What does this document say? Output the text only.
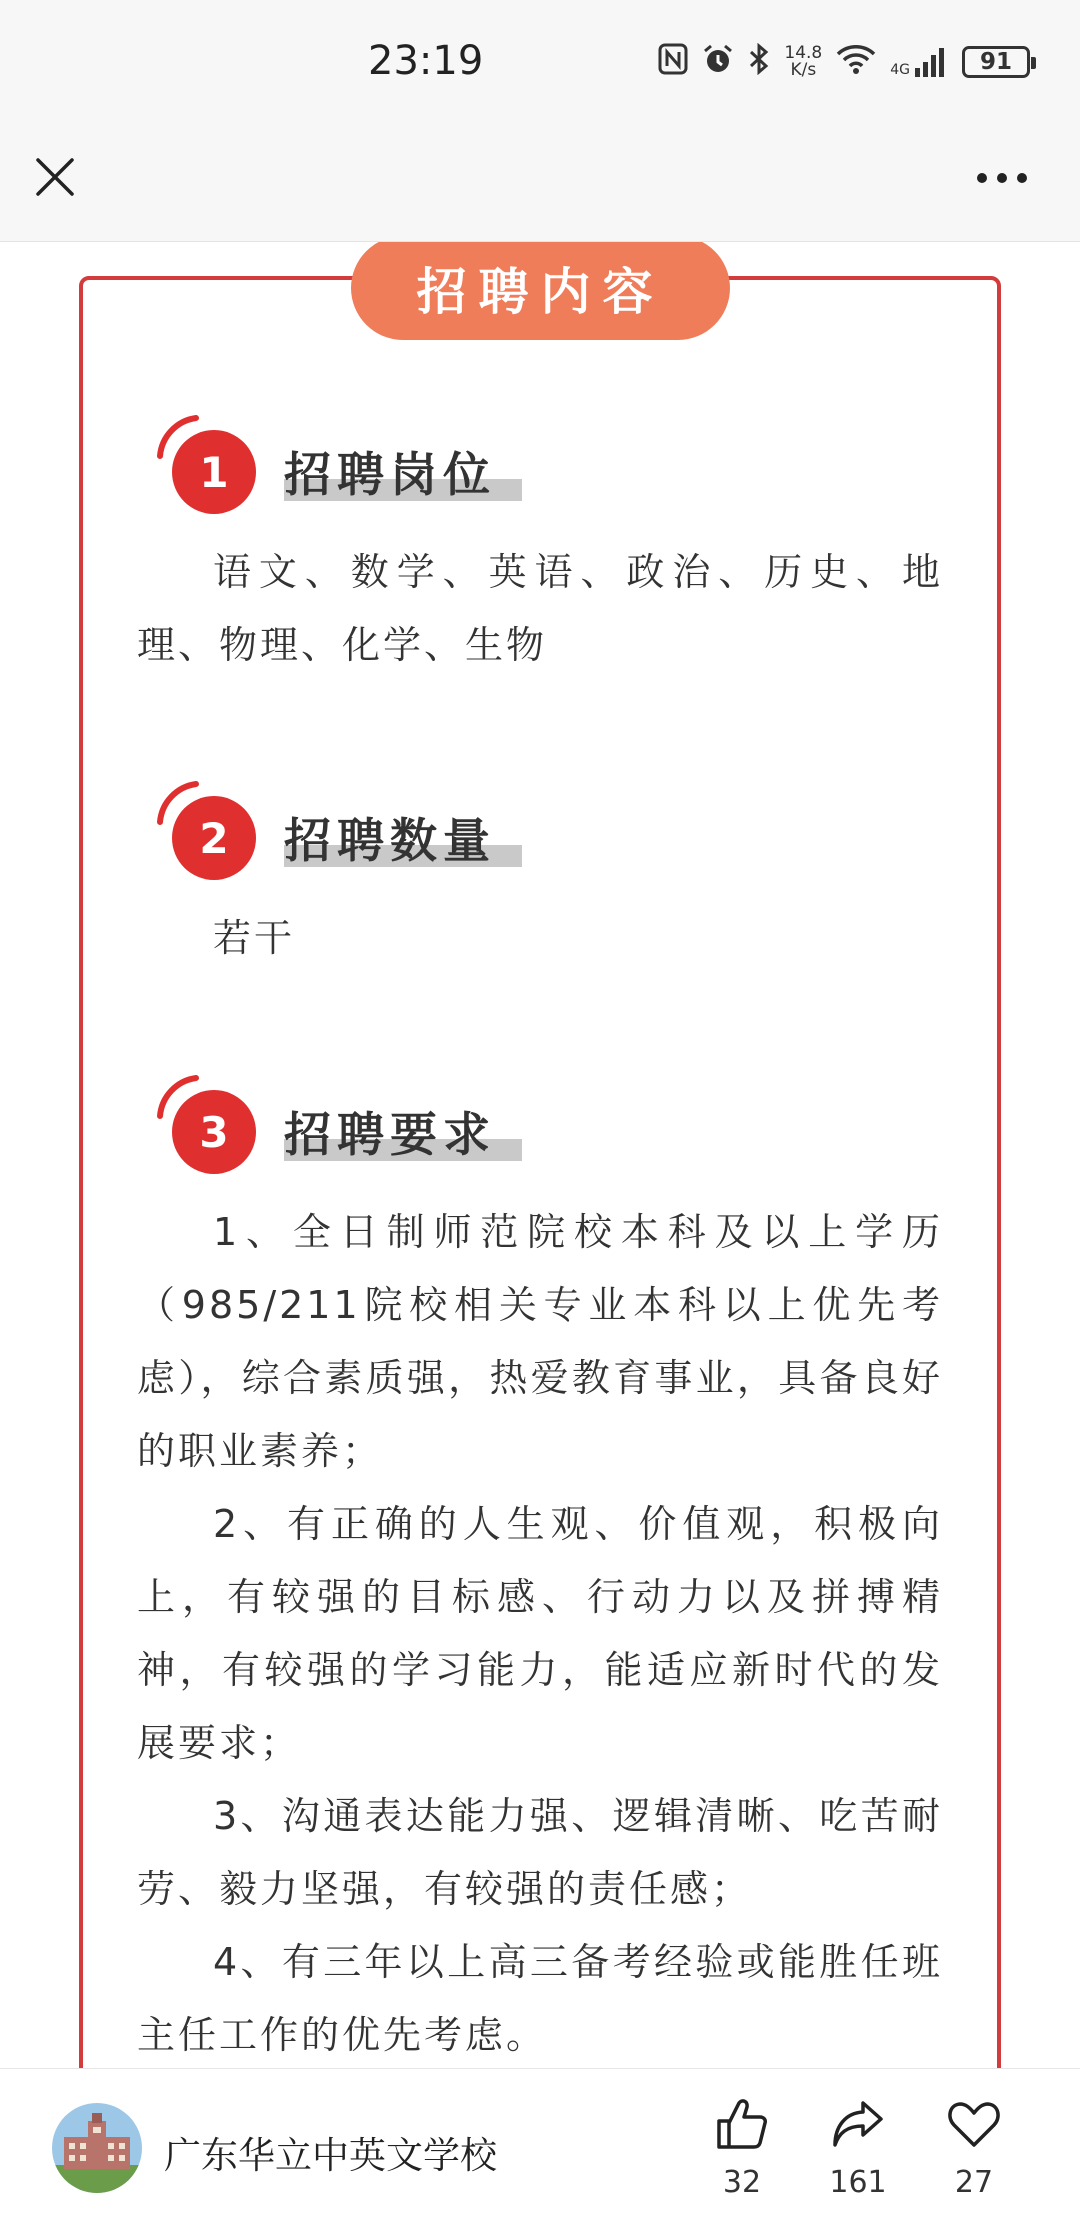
23:19	14.8
K/s	4G	91
招聘内容
1	招聘岗位

语文、数学、英语、政治、历史、地理、物理、化学、生物

2	招聘数量

若干

3	招聘要求

1、全日制师范院校本科及以上学历（985/211院校相关专业本科以上优先考虑），综合素质强，热爱教育事业，具备良好的职业素养；

2、有正确的人生观、价值观，积极向上，有较强的目标感、行动力以及拼搏精神，有较强的学习能力，能适应新时代的发展要求；

3、沟通表达能力强、逻辑清晰、吃苦耐劳、毅力坚强，有较强的责任感；

4、有三年以上高三备考经验或能胜任班主任工作的优先考虑。

广东华立中英文学校
32	161	27
